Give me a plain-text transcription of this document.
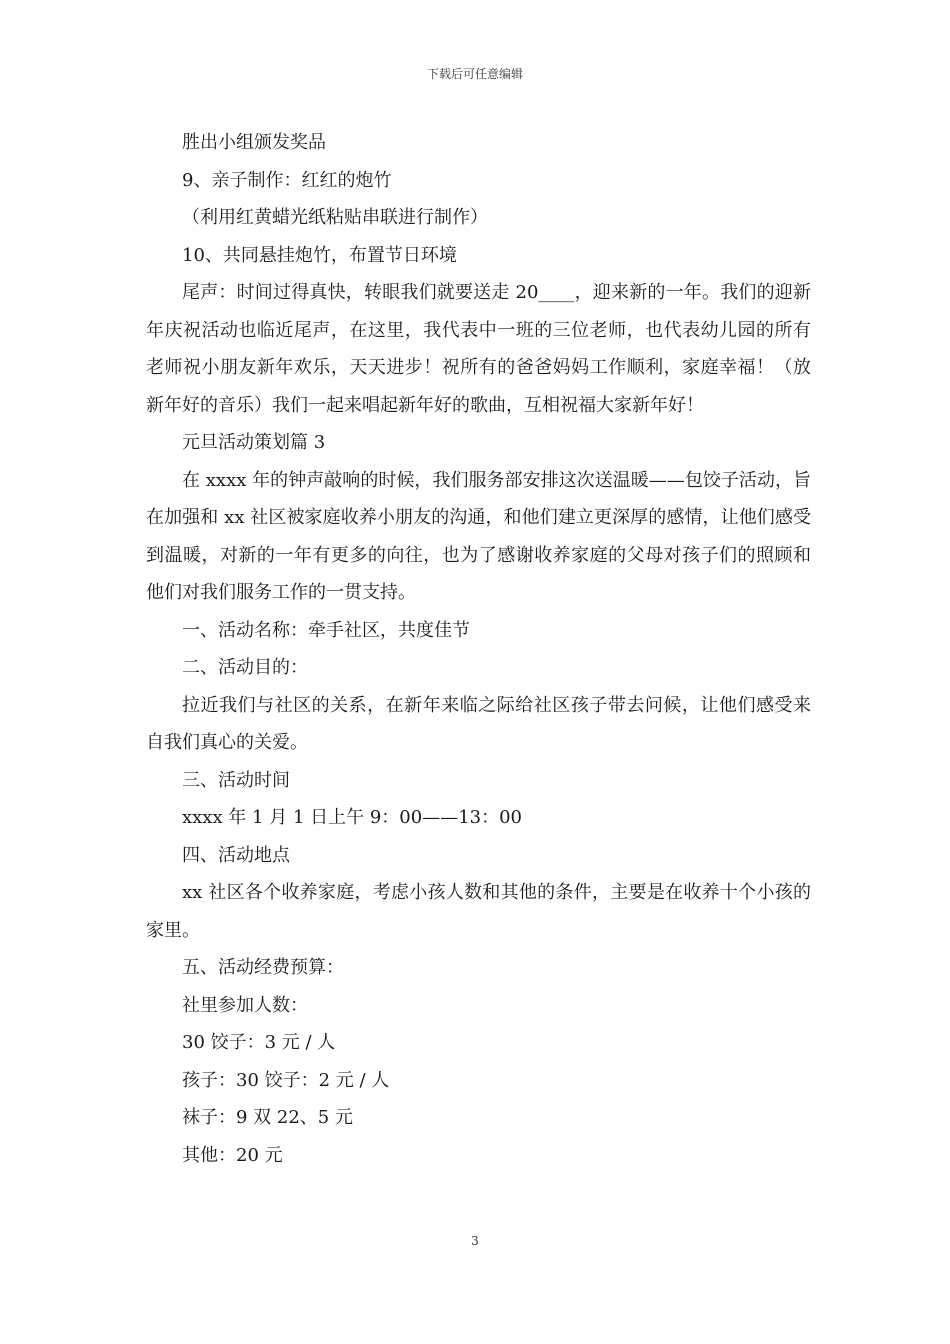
下载后可任意编辑

胜出小组颁发奖品

9、亲子制作：红红的炮竹

（利用红黄蜡光纸粘贴串联进行制作）

10、共同悬挂炮竹，布置节日环境

尾声：时间过得真快，转眼我们就要送走 20____，迎来新的一年。我们的迎新年庆祝活动也临近尾声，在这里，我代表中一班的三位老师，也代表幼儿园的所有老师祝小朋友新年欢乐，天天进步！祝所有的爸爸妈妈工作顺利，家庭幸福！（放新年好的音乐）我们一起来唱起新年好的歌曲，互相祝福大家新年好！

元旦活动策划篇 3

在 xxxx 年的钟声敲响的时候，我们服务部安排这次送温暖——包饺子活动，旨在加强和 xx 社区被家庭收养小朋友的沟通，和他们建立更深厚的感情，让他们感受到温暖，对新的一年有更多的向往，也为了感谢收养家庭的父母对孩子们的照顾和他们对我们服务工作的一贯支持。

一、活动名称：牵手社区，共度佳节

二、活动目的：

拉近我们与社区的关系，在新年来临之际给社区孩子带去问候，让他们感受来自我们真心的关爱。

三、活动时间

xxxx 年 1 月 1 日上午 9：00——13：00

四、活动地点

xx 社区各个收养家庭，考虑小孩人数和其他的条件，主要是在收养十个小孩的家里。

五、活动经费预算：

社里参加人数：

30 饺子：3 元 / 人

孩子：30 饺子：2 元 / 人

袜子：9 双 22、5 元

其他：20 元

3
